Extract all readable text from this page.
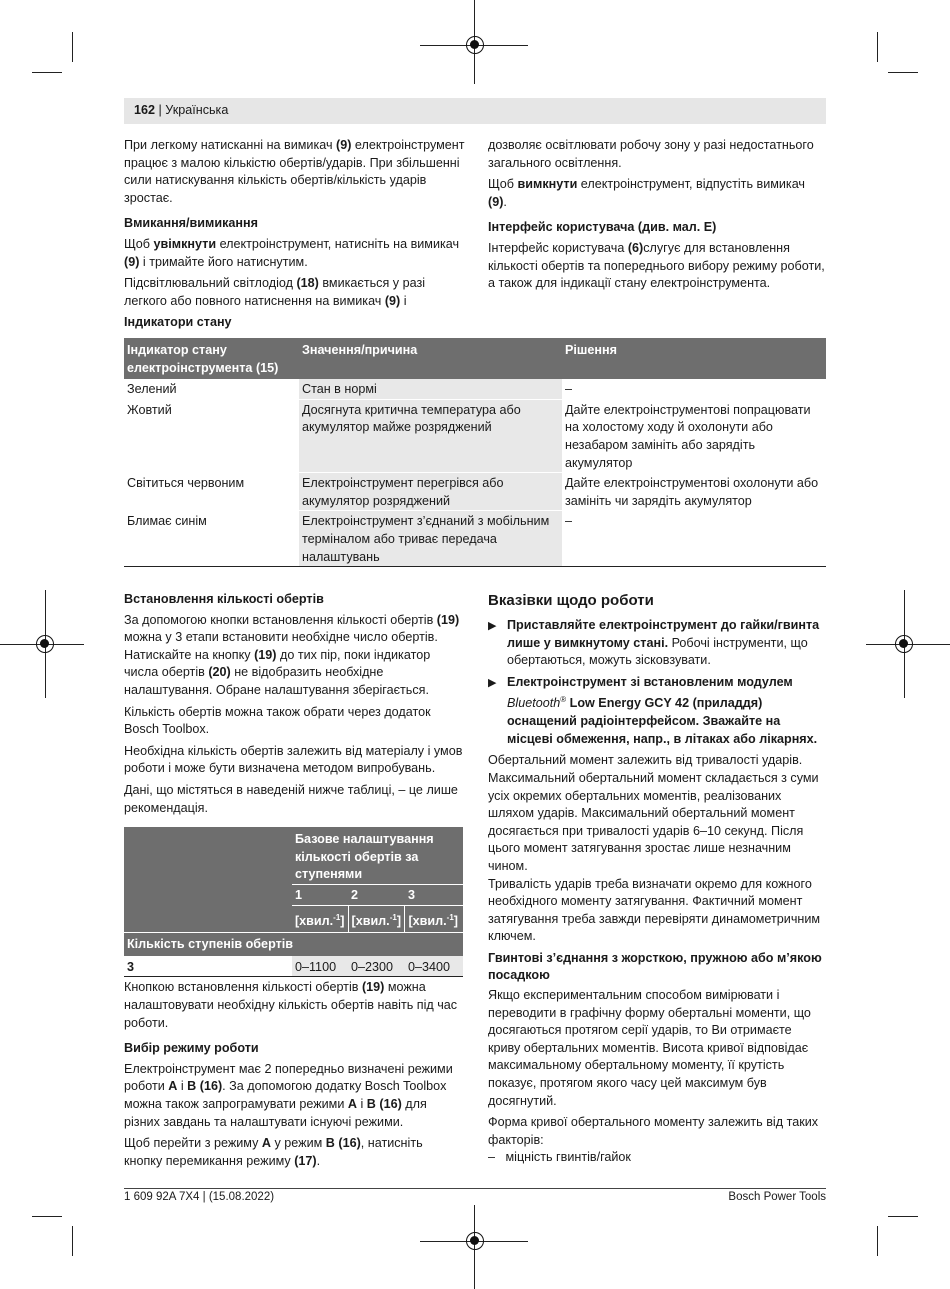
162 | Українська

При легкому натисканні на вимикач (9) електроінструмент працює з малою кількістю обертів/ударів. При збільшенні сили натискування кількість обертів/кількість ударів зростає.

Вмикання/вимикання

Щоб увімкнути електроінструмент, натисніть на вимикач (9) і тримайте його натиснутим.

Підсвітлювальний світлодіод (18) вмикається у разі легкого або повного натиснення на вимикач (9) і

Індикатори стану

дозволяє освітлювати робочу зону у разі недостатнього загального освітлення.

Щоб вимкнути електроінструмент, відпустіть вимикач (9).

Інтерфейс користувача (див. мал. E)

Інтерфейс користувача (6)слугує для встановлення кількості обертів та попереднього вибору режиму роботи, а також для індикації стану електроінструмента.

Індикатор стану електроінструмента (15)	Значення/причина	Рішення
Зелений	Стан в нормі	–
Жовтий	Досягнута критична температура або акумулятор майже розряджений	Дайте електроінструментові попрацювати на холостому ходу й охолонути або незабаром замініть або зарядіть акумулятор
Світиться червоним	Електроінструмент перегрівся або акумулятор розряджений	Дайте електроінструментові охолонути або замініть чи зарядіть акумулятор
Блимає синім	Електроінструмент з’єднаний з мобільним терміналом або триває передача налаштувань	–

Встановлення кількості обертів

За допомогою кнопки встановлення кількості обертів (19) можна у 3 етапи встановити необхідне число обертів. Натискайте на кнопку (19) до тих пір, поки індикатор числа обертів (20) не відобразить необхідне налаштування. Обране налаштування зберігається.

Кількість обертів можна також обрати через додаток Bosch Toolbox.

Необхідна кількість обертів залежить від матеріалу і умов роботи і може бути визначена методом випробувань.

Дані, що містяться в наведеній нижче таблиці, – це лише рекомендація.

	Базове налаштування кількості обертів за ступенями		
	1	2	3
	[хвил.$^{-1}$]	[хвил.$^{-1}$]	[хвил.$^{-1}$]
Кількість ступенів обертів			
3	0–1100	0–2300	0–3400

Кнопкою встановлення кількості обертів (19) можна налаштовувати необхідну кількість обертів навіть під час роботи.

Вибір режиму роботи

Електроінструмент має 2 попередньо визначені режими роботи A і B (16). За допомогою додатку Bosch Toolbox можна також запрограмувати режими A і B (16) для різних завдань та налаштувати існуючі режими.

Щоб перейти з режиму A у режим B (16), натисніть кнопку перемикання режиму (17).

Вказівки щодо роботи

▶ Приставляйте електроінструмент до гайки/гвинта лише у вимкнутому стані. Робочі інструменти, що обертаються, можуть зісковзувати.

▶ Електроінструмент зі встановленим модулем Bluetooth® Low Energy GCY 42 (приладдя) оснащений радіоінтерфейсом. Зважайте на місцеві обмеження, напр., в літаках або лікарнях.

Обертальний момент залежить від тривалості ударів. Максимальний обертальний момент складається з суми усіх окремих обертальних моментів, реалізованих шляхом ударів. Максимальний обертальний момент досягається при тривалості ударів 6–10 секунд. Після цього момент затягування зростає лише незначним чином.

Тривалість ударів треба визначати окремо для кожного необхідного моменту затягування. Фактичний момент затягування треба завжди перевіряти динамометричним ключем.

Гвинтові з’єднання з жорсткою, пружною або м’якою посадкою

Якщо експериментальним способом вимірювати і переводити в графічну форму обертальні моменти, що досягаються протягом серії ударів, то Ви отримаєте криву обертальних моментів. Висота кривої відповідає максимальному обертальному моменту, її крутість показує, протягом якого часу цей максимум був досягнутий.

Форма кривої обертального моменту залежить від таких факторів:

–   міцність гвинтів/гайок

1 609 92A 7X4 | (15.08.2022)	Bosch Power Tools
